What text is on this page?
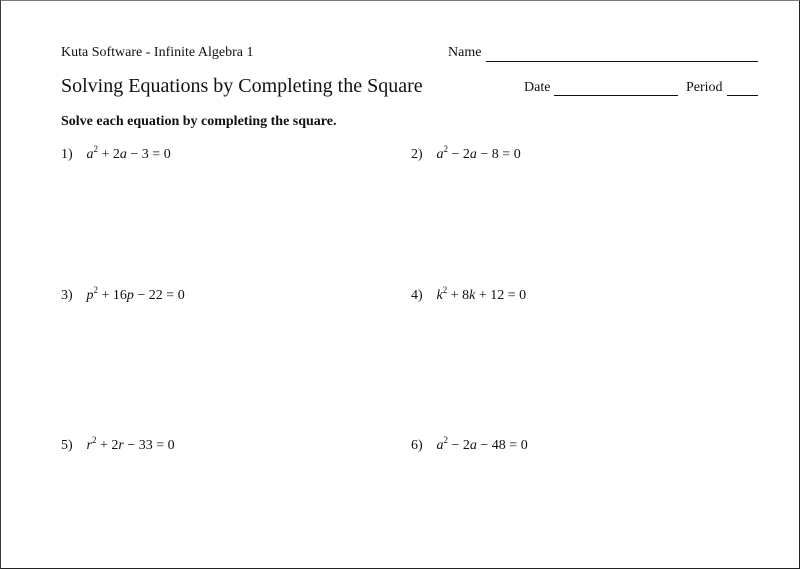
Kuta Software - Infinite Algebra 1	Name
Solving Equations by Completing the Square	Date	Period
Solve each equation by completing the square.
1) $a^2 + 2a - 3 = 0$	2) $a^2 - 2a - 8 = 0$
3) $p^2 + 16p - 22 = 0$	4) $k^2 + 8k + 12 = 0$
5) $r^2 + 2r - 33 = 0$	6) $a^2 - 2a - 48 = 0$
